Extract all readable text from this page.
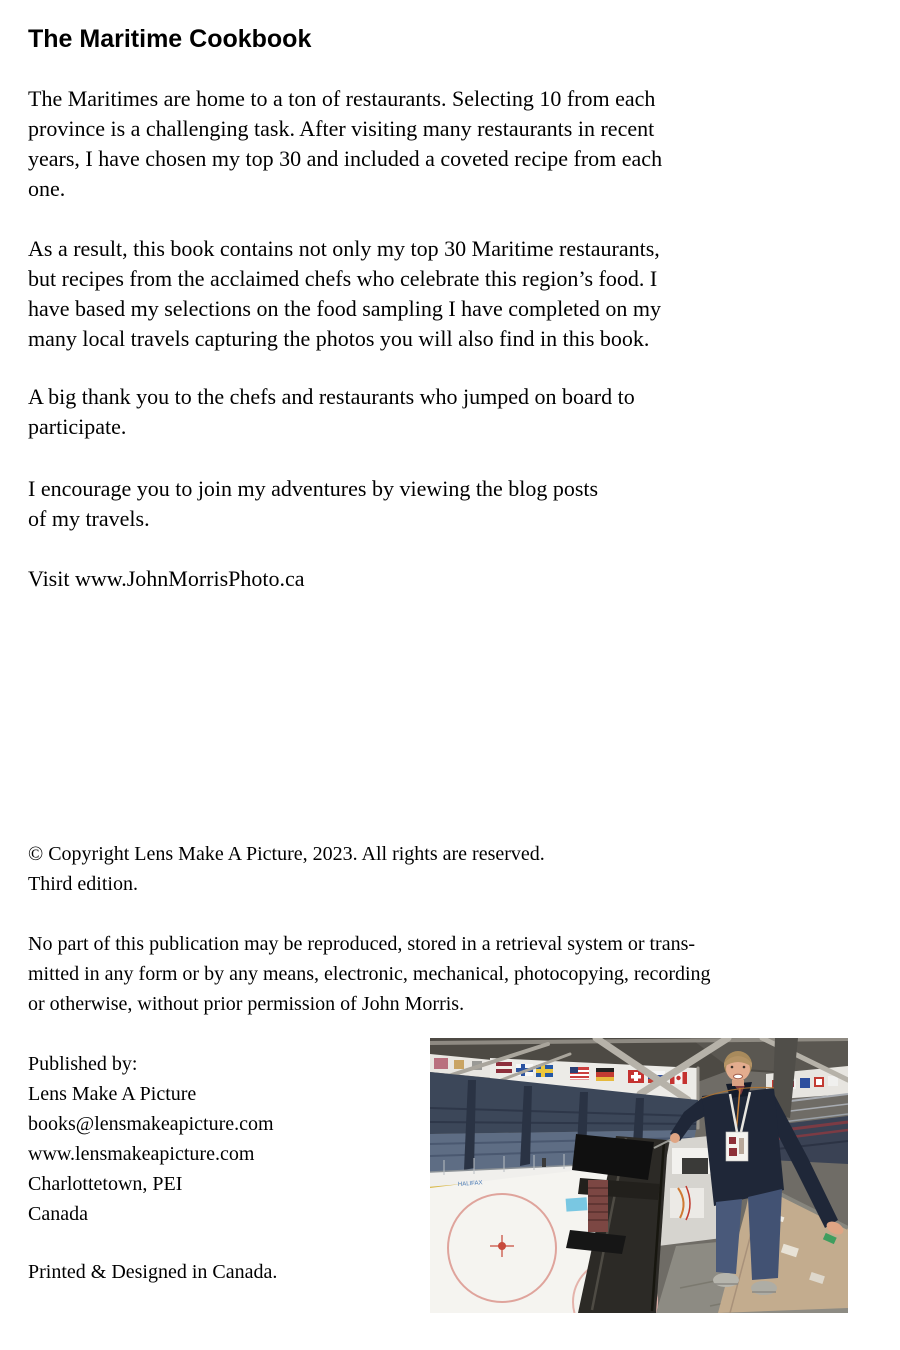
The Maritime Cookbook
The Maritimes are home to a ton of restaurants. Selecting 10 from each
province is a challenging task. After visiting many restaurants in recent
years, I have chosen my top 30 and included a coveted recipe from each
one.
As a result, this book contains not only my top 30 Maritime restaurants,
but recipes from the acclaimed chefs who celebrate this region’s food. I
have based my selections on the food sampling I have completed on my
many local travels capturing the photos you will also find in this book.
A big thank you to the chefs and restaurants who jumped on board to
participate.
I encourage you to join my adventures by viewing the blog posts
of my travels.
Visit www.JohnMorrisPhoto.ca
© Copyright Lens Make A Picture, 2023. All rights are reserved.
Third edition.
No part of this publication may be reproduced, stored in a retrieval system or trans-
mitted in any form or by any means, electronic, mechanical, photocopying, recording
or otherwise, without prior permission of John Morris.
Published by:
Lens Make A Picture
books@lensmakeapicture.com
www.lensmakeapicture.com
Charlottetown, PEI
Canada
Printed & Designed in Canada.
HALIFAX
